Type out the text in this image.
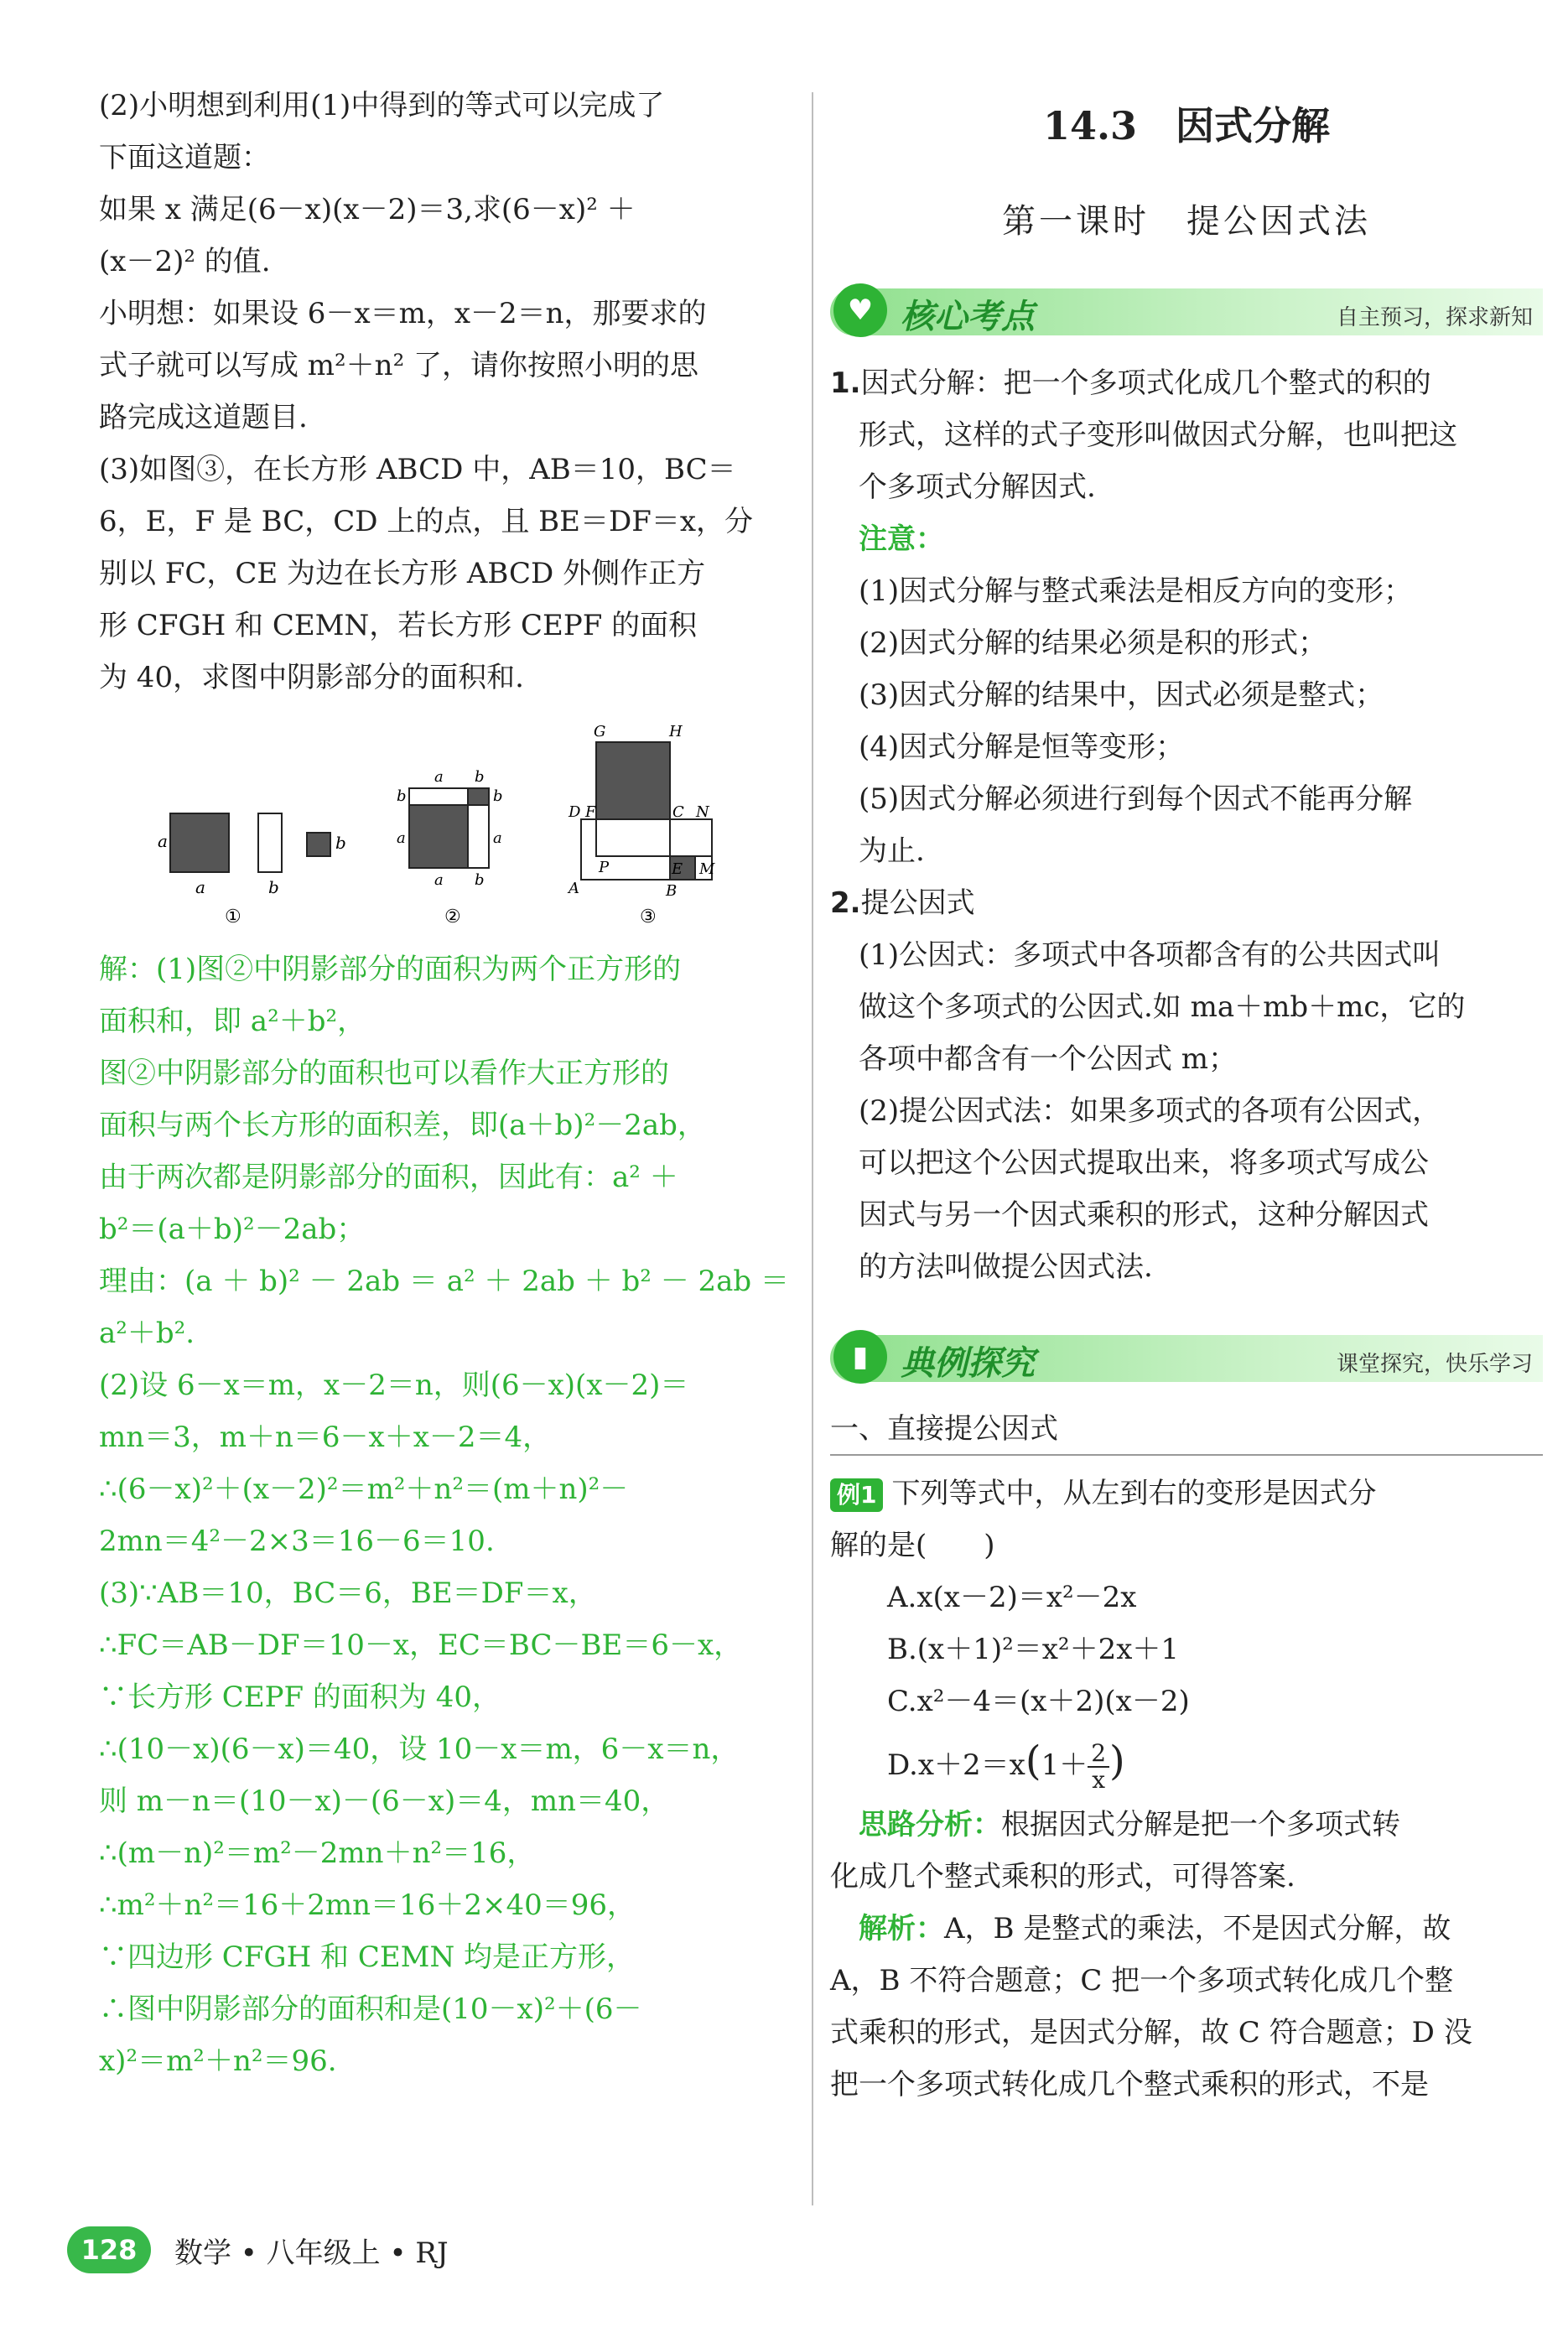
(2)小明想到利用(1)中得到的等式可以完成了
下面这道题：
如果 x 满足(6－x)(x－2)＝3,求(6－x)² ＋
(x－2)² 的值.
小明想：如果设 6－x＝m，x－2＝n，那要求的
式子就可以写成 m²＋n² 了，请你按照小明的思
路完成这道题目.
(3)如图③，在长方形 ABCD 中，AB＝10，BC＝
6，E，F 是 BC，CD 上的点，且 BE＝DF＝x，分
别以 FC，CE 为边在长方形 ABCD 外侧作正方
形 CFGH 和 CEMN，若长方形 CEPF 的面积
为 40，求图中阴影部分的面积和.
a
a	b
b
①
a b
b
a
b
a
a b
②
G	H
D F	C N
P	E M
A	B
③
解：(1)图②中阴影部分的面积为两个正方形的
面积和，即 a²＋b²，
图②中阴影部分的面积也可以看作大正方形的
面积与两个长方形的面积差，即(a＋b)²－2ab，
由于两次都是阴影部分的面积，因此有：a² ＋
b²＝(a＋b)²－2ab；
理由：(a ＋ b)² － 2ab ＝ a² ＋ 2ab ＋ b² － 2ab ＝
a²＋b².
(2)设 6－x＝m，x－2＝n，则(6－x)(x－2)＝
mn＝3，m＋n＝6－x＋x－2＝4，
∴(6－x)²＋(x－2)²＝m²＋n²＝(m＋n)²－
2mn＝4²－2×3＝16－6＝10.
(3)∵AB＝10，BC＝6，BE＝DF＝x，
∴FC＝AB－DF＝10－x，EC＝BC－BE＝6－x，
∵长方形 CEPF 的面积为 40，
∴(10－x)(6－x)＝40，设 10－x＝m，6－x＝n，
则 m－n＝(10－x)－(6－x)＝4，mn＝40，
∴(m－n)²＝m²－2mn＋n²＝16，
∴m²＋n²＝16＋2mn＝16＋2×40＝96，
∵四边形 CFGH 和 CEMN 均是正方形，
∴图中阴影部分的面积和是(10－x)²＋(6－
x)²＝m²＋n²＝96.
14.3　因式分解
第一课时　提公因式法
♥ 核心考点	自主预习，探求新知
1.因式分解：把一个多项式化成几个整式的积的
形式，这样的式子变形叫做因式分解，也叫把这
个多项式分解因式.
注意：
(1)因式分解与整式乘法是相反方向的变形；
(2)因式分解的结果必须是积的形式；
(3)因式分解的结果中，因式必须是整式；
(4)因式分解是恒等变形；
(5)因式分解必须进行到每个因式不能再分解
为止.
2.提公因式
(1)公因式：多项式中各项都含有的公共因式叫
做这个多项式的公因式.如 ma＋mb＋mc，它的
各项中都含有一个公因式 m；
(2)提公因式法：如果多项式的各项有公因式，
可以把这个公因式提取出来，将多项式写成公
因式与另一个因式乘积的形式，这种分解因式
的方法叫做提公因式法.
▮ 典例探究	课堂探究，快乐学习
一、直接提公因式
例1 下列等式中，从左到右的变形是因式分
解的是(　　)
A.x(x－2)＝x²－2x
B.(x＋1)²＝x²＋2x＋1
C.x²－4＝(x＋2)(x－2)
$D.x+2=x(1+ \frac{2}{x}$ )
思路分析：根据因式分解是把一个多项式转
化成几个整式乘积的形式，可得答案.
解析：A，B 是整式的乘法，不是因式分解，故
A，B 不符合题意；C 把一个多项式转化成几个整
式乘积的形式，是因式分解，故 C 符合题意；D 没
把一个多项式转化成几个整式乘积的形式，不是
128	数学 • 八年级上 • RJ
